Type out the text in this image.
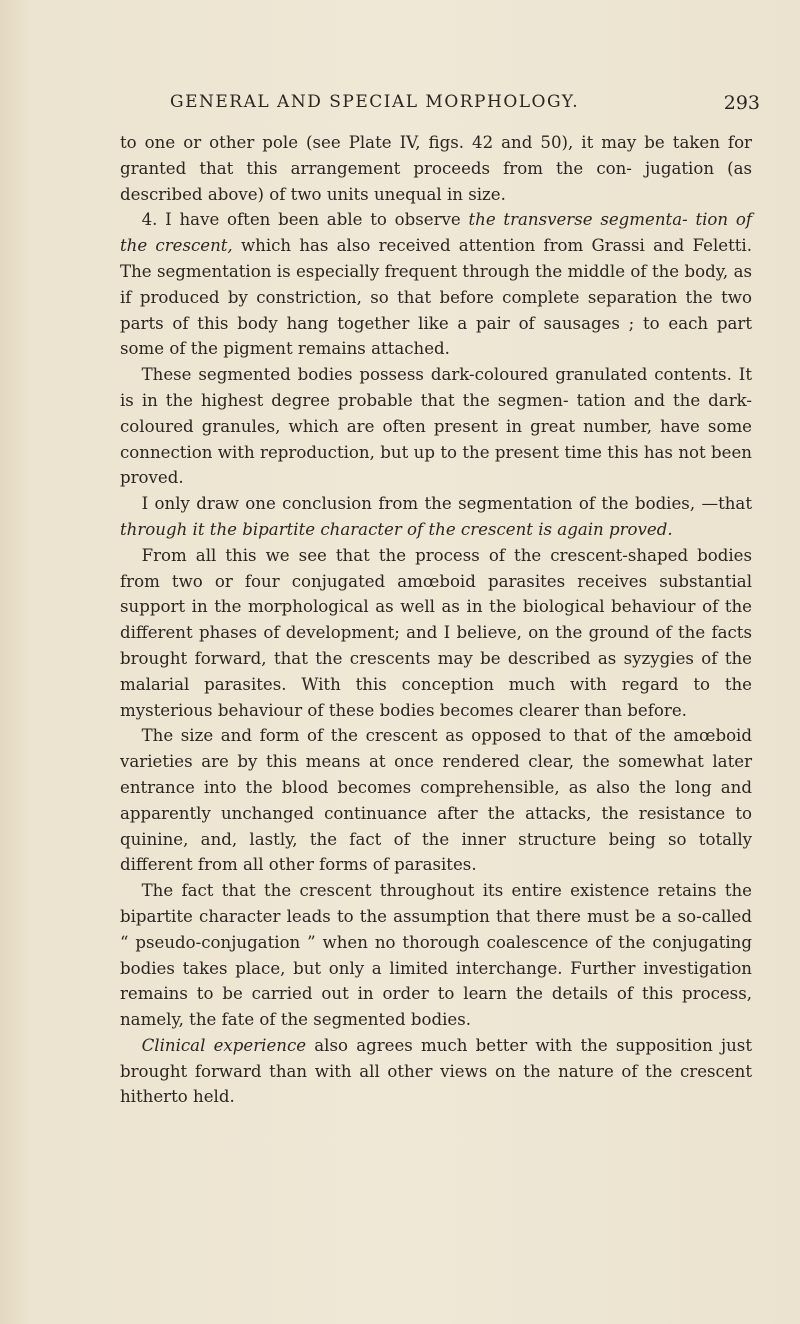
GENERAL AND SPECIAL MORPHOLOGY.	293

to one or other pole (see Plate IV, figs. 42 and 50), it may be taken for granted that this arrangement proceeds from the con- jugation (as described above) of two units unequal in size.

4. I have often been able to observe the transverse segmenta- tion of the crescent, which has also received attention from Grassi and Feletti. The segmentation is especially frequent through the middle of the body, as if produced by constriction, so that before complete separation the two parts of this body hang together like a pair of sausages ; to each part some of the pigment remains attached.

These segmented bodies possess dark-coloured granulated contents. It is in the highest degree probable that the segmen- tation and the dark-coloured granules, which are often present in great number, have some connection with reproduction, but up to the present time this has not been proved.

I only draw one conclusion from the segmentation of the bodies, —that through it the bipartite character of the crescent is again proved.

From all this we see that the process of the crescent-shaped bodies from two or four conjugated amœboid parasites receives substantial support in the morphological as well as in the biological behaviour of the different phases of development; and I believe, on the ground of the facts brought forward, that the crescents may be described as syzygies of the malarial parasites. With this conception much with regard to the mysterious behaviour of these bodies becomes clearer than before.

The size and form of the crescent as opposed to that of the amœboid varieties are by this means at once rendered clear, the somewhat later entrance into the blood becomes comprehensible, as also the long and apparently unchanged continuance after the attacks, the resistance to quinine, and, lastly, the fact of the inner structure being so totally different from all other forms of parasites.

The fact that the crescent throughout its entire existence retains the bipartite character leads to the assumption that there must be a so-called “ pseudo-conjugation ” when no thorough coalescence of the conjugating bodies takes place, but only a limited interchange. Further investigation remains to be carried out in order to learn the details of this process, namely, the fate of the segmented bodies.

Clinical experience also agrees much better with the supposition just brought forward than with all other views on the nature of the crescent hitherto held.
